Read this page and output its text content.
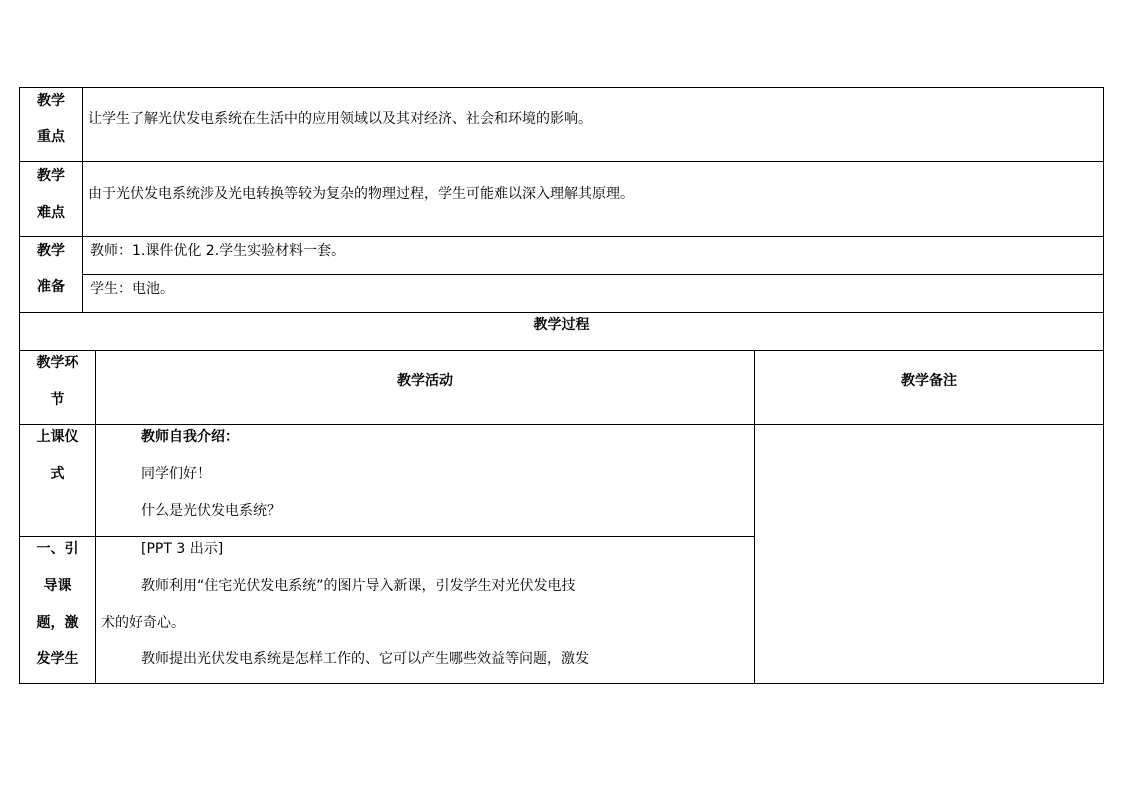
教学
重点
让学生了解光伏发电系统在生活中的应用领域以及其对经济、社会和环境的影响。
教学
难点
由于光伏发电系统涉及光电转换等较为复杂的物理过程，学生可能难以深入理解其原理。
教学
准备
教师：1.课件优化 2.学生实验材料一套。
学生：电池。
教学过程
教学环
节
教学活动	教学备注
上课仪
式
教师自我介绍：
同学们好！
什么是光伏发电系统？
一、引
导课
题，激
发学生
[PPT 3 出示]
教师利用“住宅光伏发电系统”的图片导入新课，引发学生对光伏发电技
术的好奇心。
教师提出光伏发电系统是怎样工作的、它可以产生哪些效益等问题，激发
